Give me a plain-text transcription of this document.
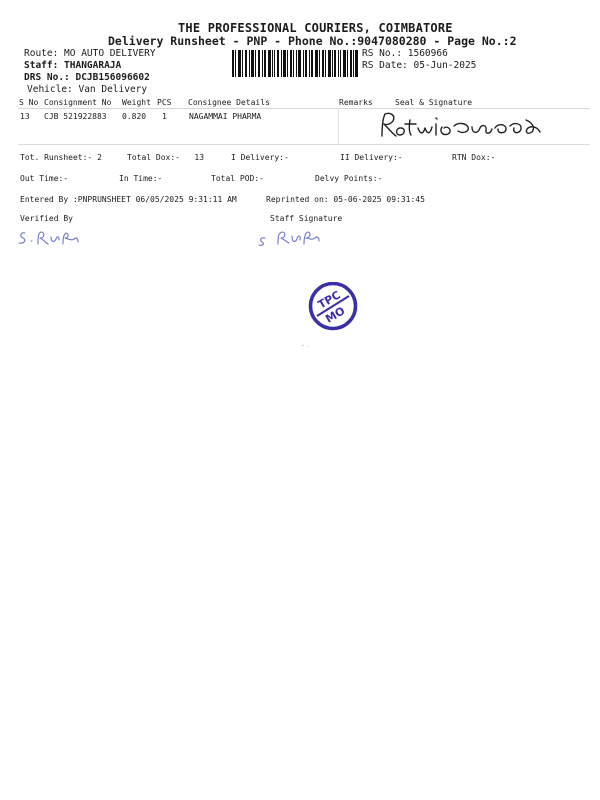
THE PROFESSIONAL COURIERS, COIMBATORE
Delivery Runsheet - PNP - Phone No.:9047080280 - Page No.:2
Route: MO AUTO DELIVERY
Staff: THANGARAJA
DRS No.: DCJB156096602
Vehicle: Van Delivery
RS No.: 1560966
RS Date: 05-Jun-2025
S No Consignment No Weight PCS Consignee Details	Remarks	Seal & Signature
13 CJB 521922883 0.820 1	NAGAMMAI PHARMA
Tot. Runsheet:- 2	Total Dox:-   13	I Delivery:-	II Delivery:-	RTN Dox:-
Out Time:-	In Time:-	Total POD:-	Delvy Points:-
Entered By :PNPRUNSHEET 06/05/2025 9:31:11 AM	Reprinted on: 05-06-2025 09:31:45
Verified By	Staff Signature
TPC
MO
